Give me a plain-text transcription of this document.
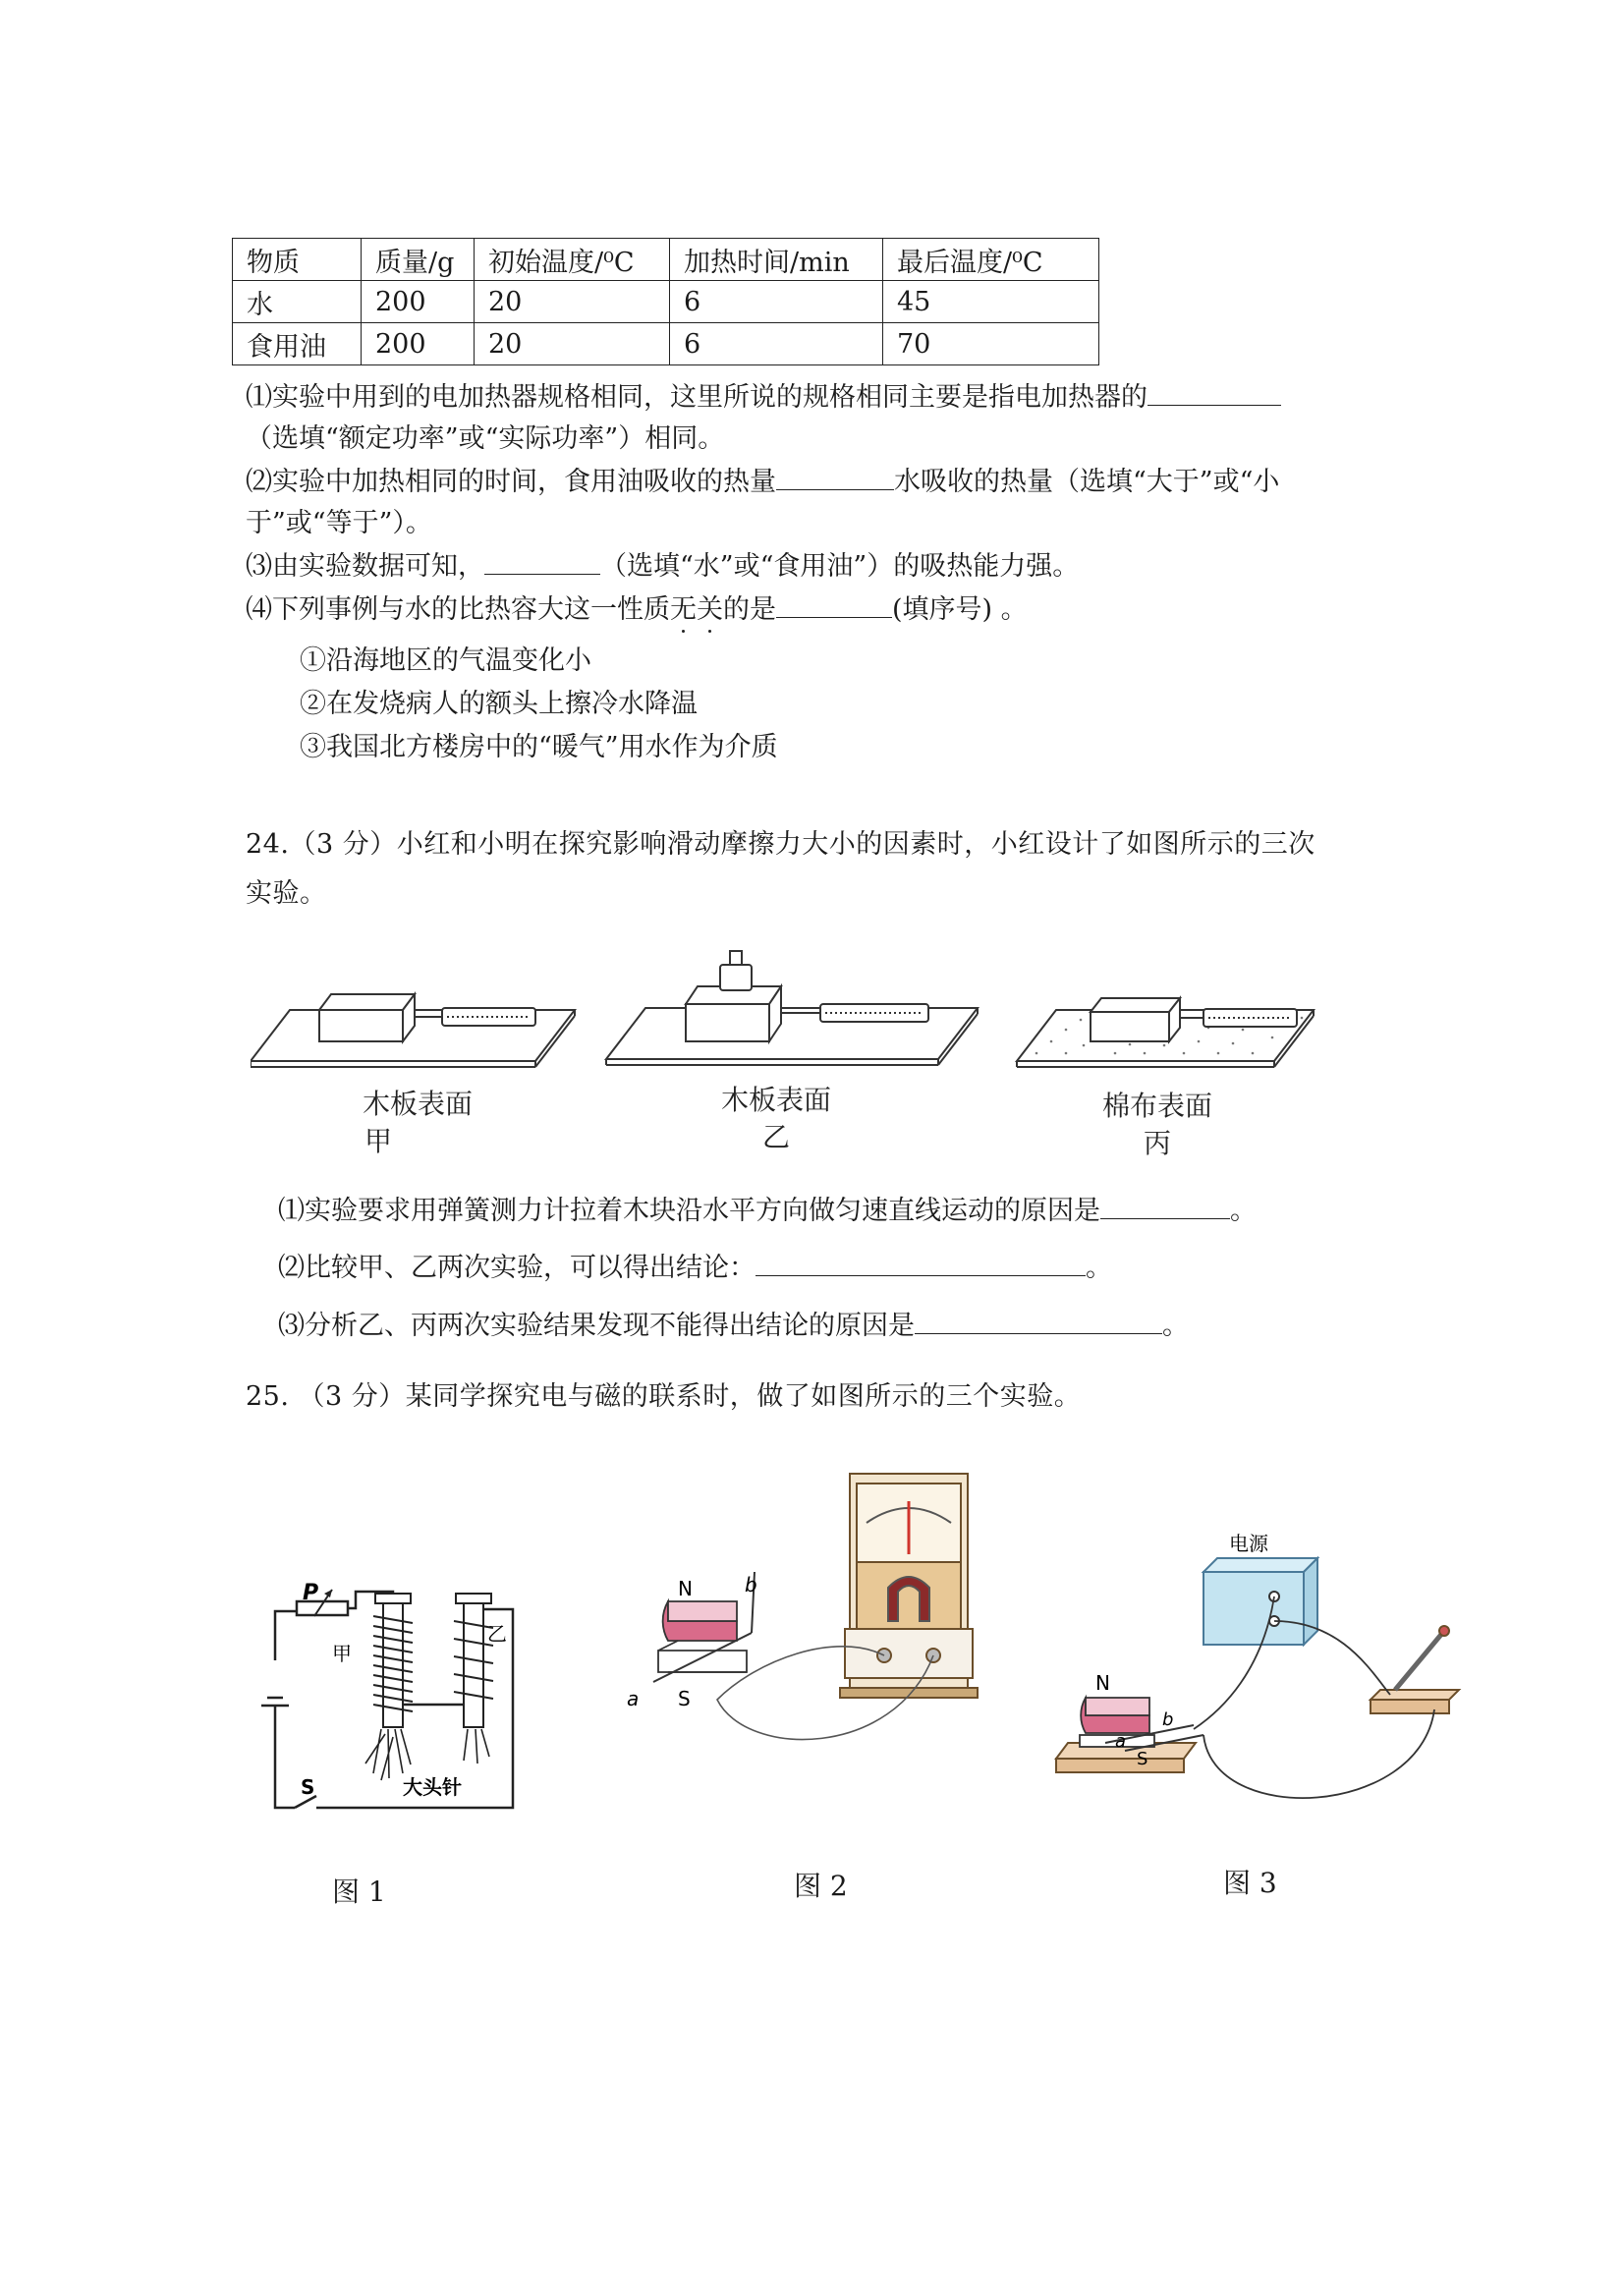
物质	质量/g	初始温度/⁰C	加热时间/min	最后温度/⁰C
水	200	20	6	45
食用油	200	20	6	70
⑴实验中用到的电加热器规格相同，这里所说的规格相同主要是指电加热器的
（选填“额定功率”或“实际功率”）相同。
⑵实验中加热相同的时间，食用油吸收的热量	水吸收的热量（选填“大于”或“小
于”或“等于”）。
⑶由实验数据可知，	（选填“水”或“食用油”）的吸热能力强。
⑷下列事例与水的比热容大这一性质无关的是	(填序号) 。
①沿海地区的气温变化小
②在发烧病人的额头上擦冷水降温
③我国北方楼房中的“暖气”用水作为介质
24.（3 分）小红和小明在探究影响滑动摩擦力大小的因素时，小红设计了如图所示的三次
实验。
木板表面
甲
木板表面
乙
棉布表面
丙
⑴实验要求用弹簧测力计拉着木块沿水平方向做匀速直线运动的原因是	。
⑵比较甲、乙两次实验，可以得出结论：	。
⑶分析乙、丙两次实验结果发现不能得出结论的原因是	。
25. （3 分）某同学探究电与磁的联系时，做了如图所示的三个实验。
P
甲
乙
S	大头针
图 1
N
S
a
b
图 2
电源
N
S
a
b
图 3
